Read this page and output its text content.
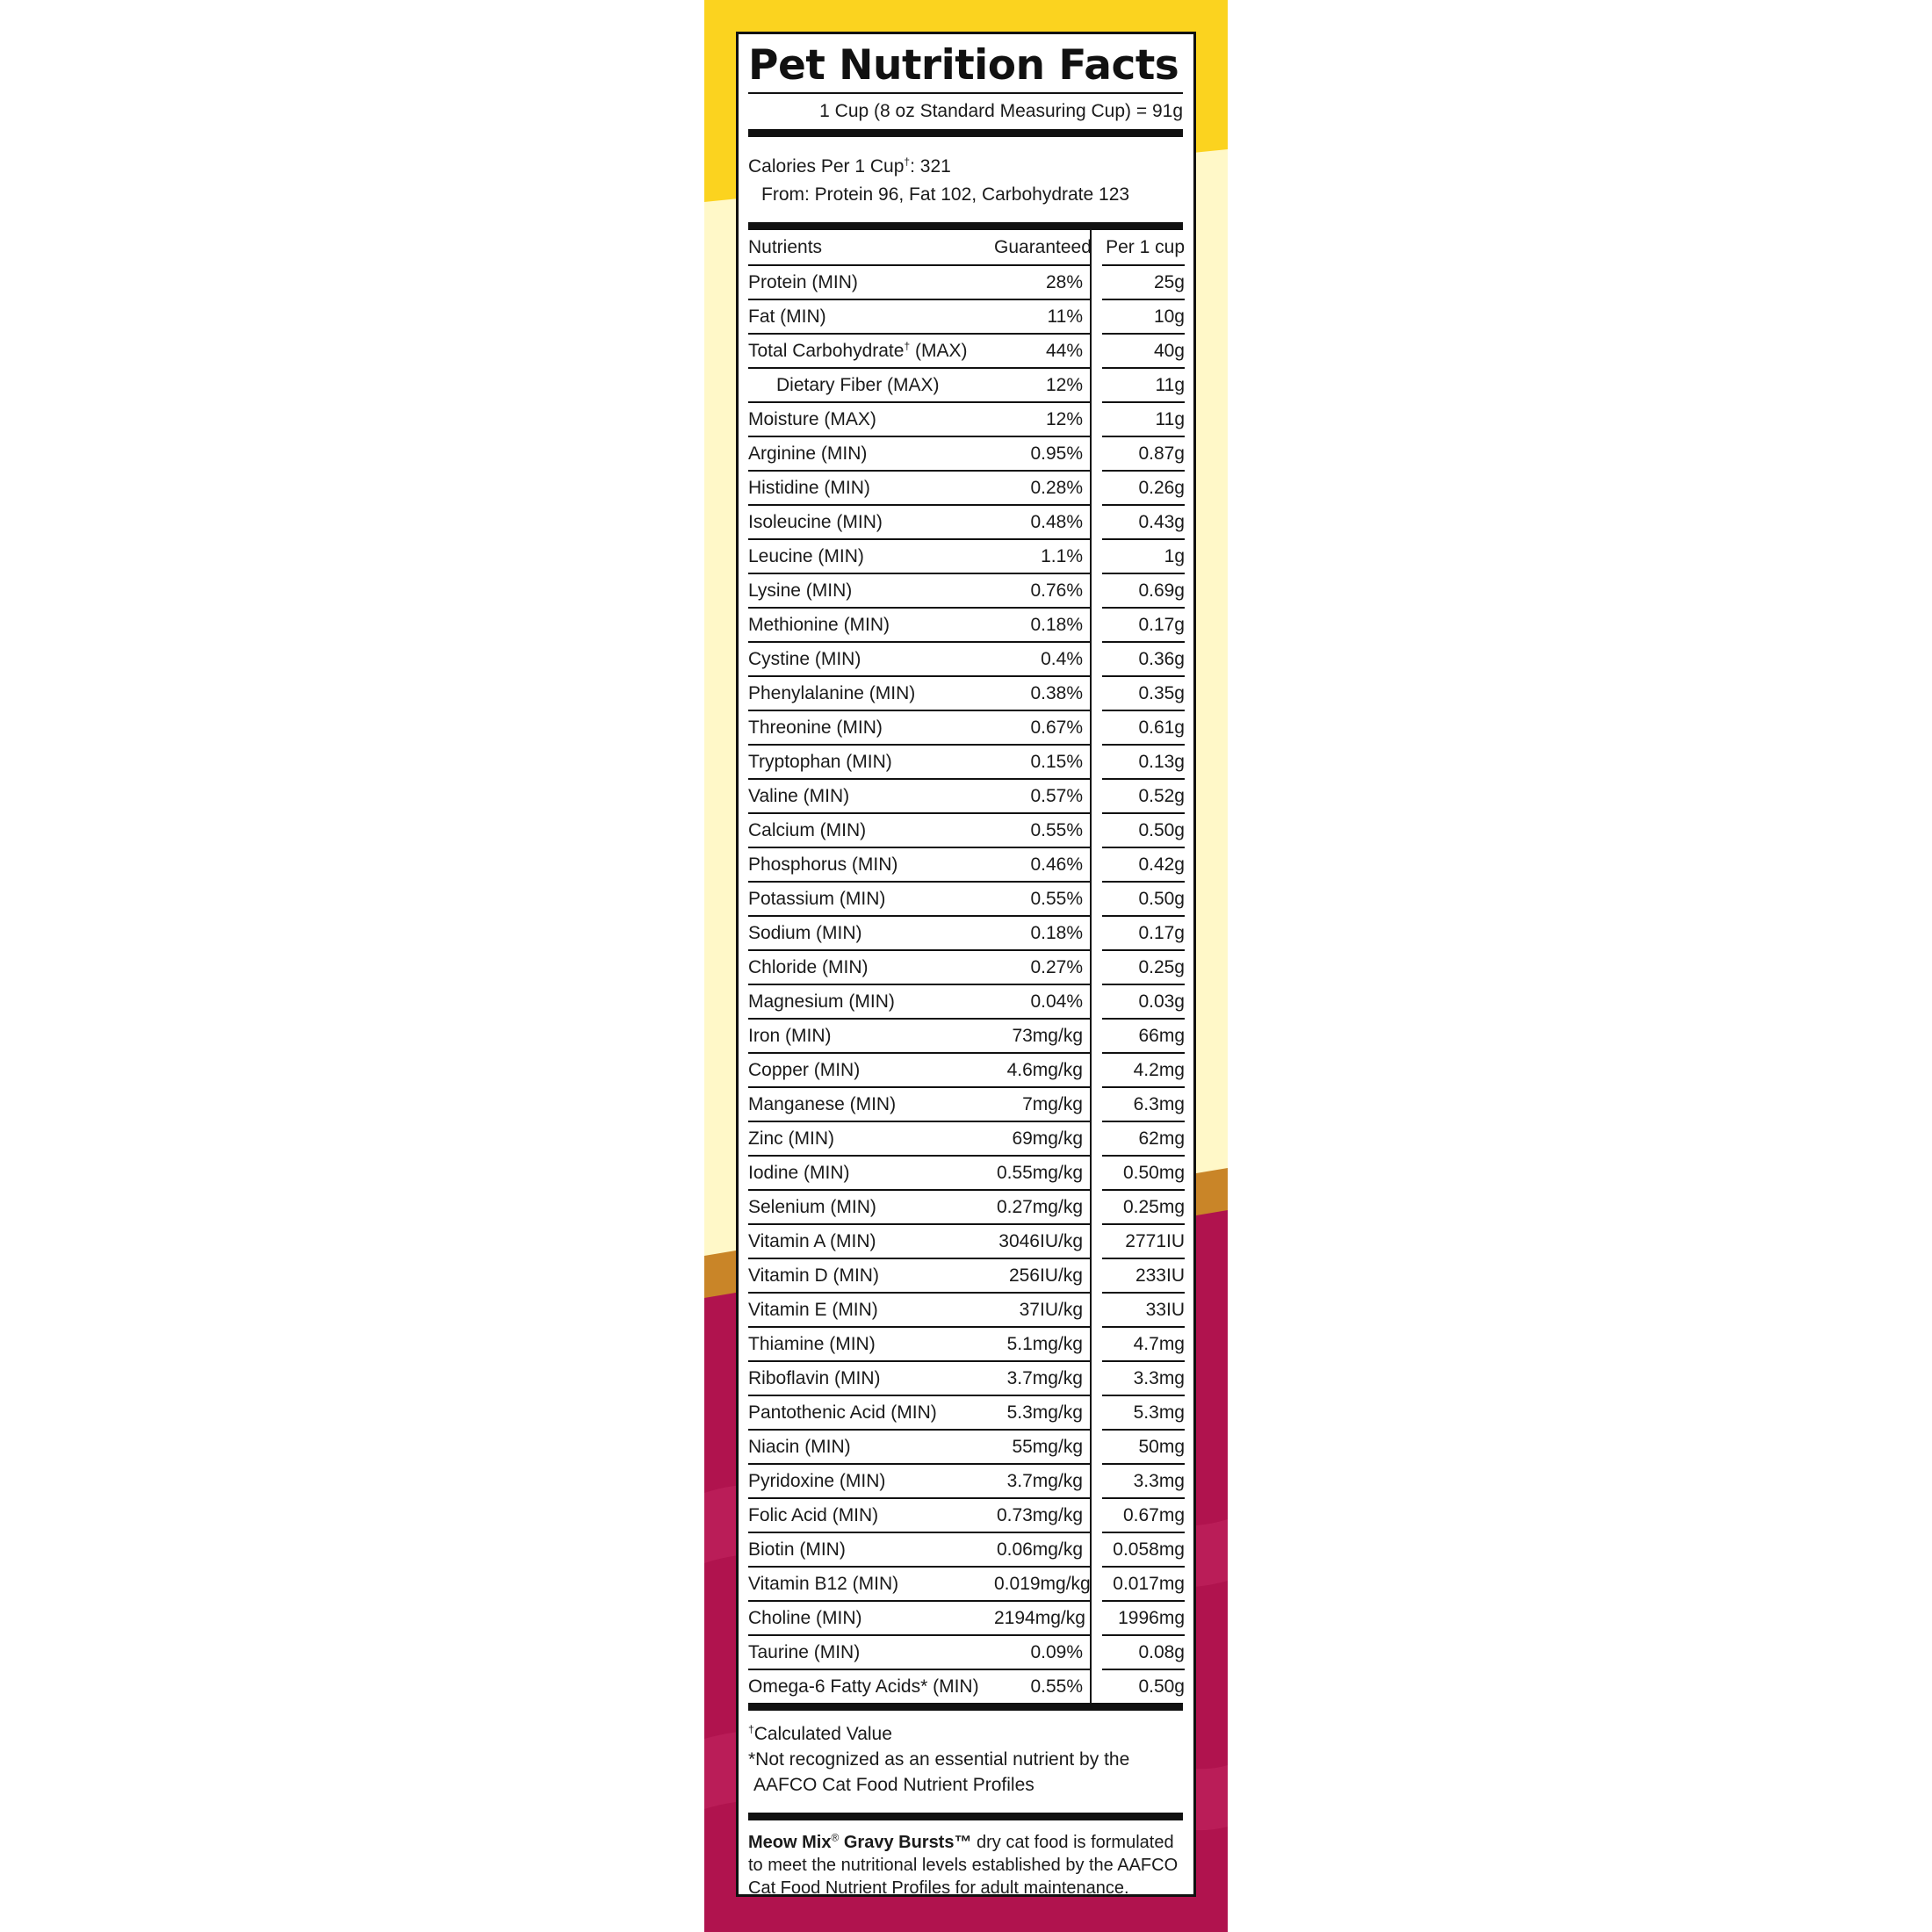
Pet Nutrition Facts
1 Cup (8 oz Standard Measuring Cup) = 91g
Calories Per 1 Cup†: 321
From: Protein 96, Fat 102, Carbohydrate 123
Nutrients	Guaranteed		Per 1 cup
Protein (MIN)	28%		25g
Fat (MIN)	11%		10g
Total Carbohydrate† (MAX)	44%		40g
Dietary Fiber (MAX)	12%		11g
Moisture (MAX)	12%		11g
Arginine (MIN)	0.95%		0.87g
Histidine (MIN)	0.28%		0.26g
Isoleucine (MIN)	0.48%		0.43g
Leucine (MIN)	1.1%		1g
Lysine (MIN)	0.76%		0.69g
Methionine (MIN)	0.18%		0.17g
Cystine (MIN)	0.4%		0.36g
Phenylalanine (MIN)	0.38%		0.35g
Threonine (MIN)	0.67%		0.61g
Tryptophan (MIN)	0.15%		0.13g
Valine (MIN)	0.57%		0.52g
Calcium (MIN)	0.55%		0.50g
Phosphorus (MIN)	0.46%		0.42g
Potassium (MIN)	0.55%		0.50g
Sodium (MIN)	0.18%		0.17g
Chloride (MIN)	0.27%		0.25g
Magnesium (MIN)	0.04%		0.03g
Iron (MIN)	73mg/kg		66mg
Copper (MIN)	4.6mg/kg		4.2mg
Manganese (MIN)	7mg/kg		6.3mg
Zinc (MIN)	69mg/kg		62mg
Iodine (MIN)	0.55mg/kg		0.50mg
Selenium (MIN)	0.27mg/kg		0.25mg
Vitamin A (MIN)	3046IU/kg		2771IU
Vitamin D (MIN)	256IU/kg		233IU
Vitamin E (MIN)	37IU/kg		33IU
Thiamine (MIN)	5.1mg/kg		4.7mg
Riboflavin (MIN)	3.7mg/kg		3.3mg
Pantothenic Acid (MIN)	5.3mg/kg		5.3mg
Niacin (MIN)	55mg/kg		50mg
Pyridoxine (MIN)	3.7mg/kg		3.3mg
Folic Acid (MIN)	0.73mg/kg		0.67mg
Biotin (MIN)	0.06mg/kg		0.058mg
Vitamin B12 (MIN)	0.019mg/kg		0.017mg
Choline (MIN)	2194mg/kg		1996mg
Taurine (MIN)	0.09%		0.08g
Omega-6 Fatty Acids* (MIN)	0.55%		0.50g
†Calculated Value
*Not recognized as an essential nutrient by the
AAFCO Cat Food Nutrient Profiles
Meow Mix® Gravy Bursts™ dry cat food is formulated to meet the nutritional levels established by the AAFCO Cat Food Nutrient Profiles for adult maintenance.
